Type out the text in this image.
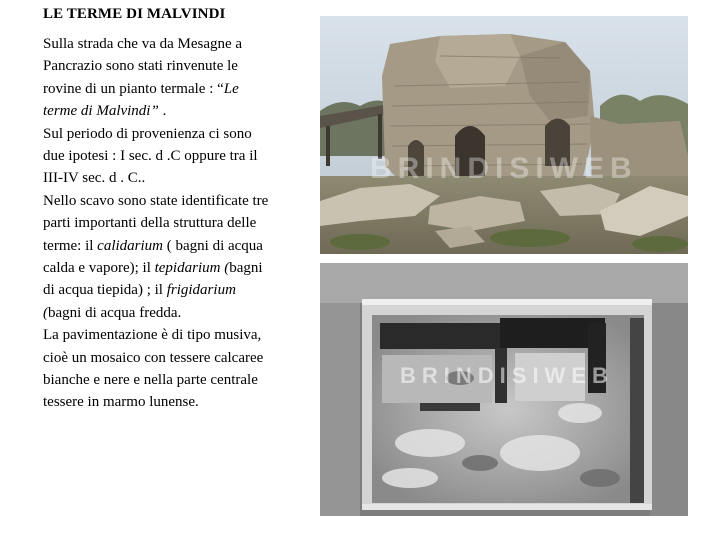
LE TERME DI MALVINDI

Sulla strada che va da Mesagne a Pancrazio sono stati rinvenute le rovine di un pianto termale : “Le terme di Malvindi” .

Sul periodo di provenienza ci sono due ipotesi : I sec. d .C oppure tra il III-IV sec. d . C..

Nello scavo sono state identificate tre parti importanti della struttura delle terme: il calidarium ( bagni di acqua calda e vapore); il tepidarium (bagni di acqua tiepida) ; il frigidarium (bagni di acqua fredda.

La pavimentazione è di tipo musiva, cioè un mosaico con tessere calcaree bianche e nere e nella parte centrale tessere in marmo lunense.

BRINDISIWEB
BRINDISIWEB
